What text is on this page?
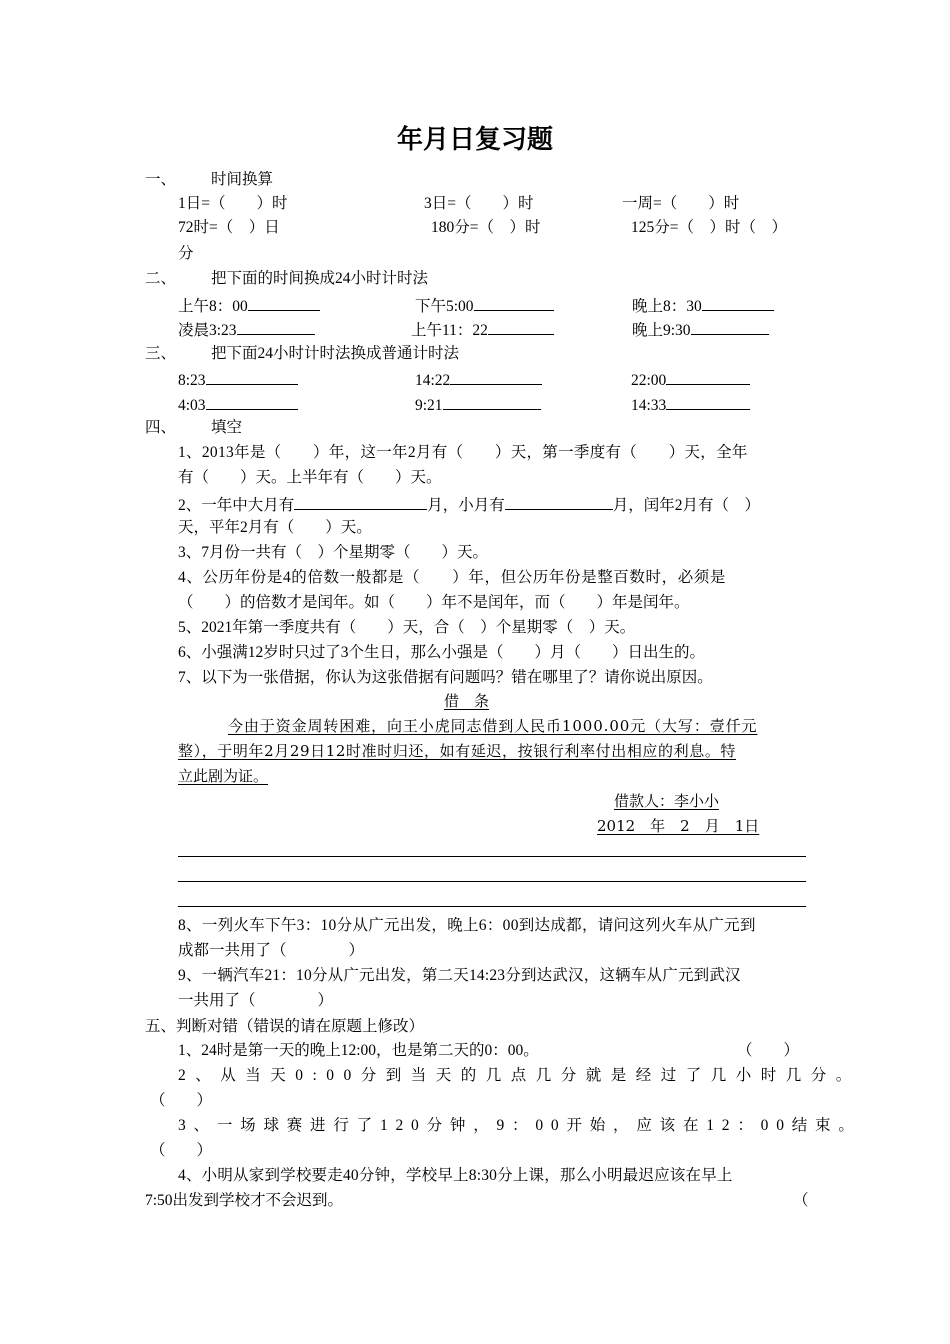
年月日复习题
一、 时间换算
1日=（　　）时	3日=（　　）时	一周=（　　）时
72时=（　）日	180分=（　）时	125分=（　）时（　）
分
二、 把下面的时间换成24小时计时法
上午8：00	下午5:00	晚上8：30
凌晨3:23	上午11：22	晚上9:30
三、 把下面24小时计时法换成普通计时法
8:23	14:22	22:00
4:03	9:21	14:33
四、 填空
1、2013年是（　　）年，这一年2月有（　　）天，第一季度有（　　）天，全年
有（　　）天。上半年有（　　）天。
2、一年中大月有	月，小月有	月，闰年2月有（　）
天，平年2月有（　　）天。
3、7月份一共有（　）个星期零（　　）天。
4、公历年份是4的倍数一般都是（　　）年，但公历年份是整百数时，必须是
（　　）的倍数才是闰年。如（　　）年不是闰年，而（　　）年是闰年。
5、2021年第一季度共有（　　）天，合（　）个星期零（　）天。
6、小强满12岁时只过了3个生日，那么小强是（　　）月（　　）日出生的。
7、以下为一张借据，你认为这张借据有问题吗？错在哪里了？请你说出原因。
借　条
今由于资金周转困难，向王小虎同志借到人民币1000.00元（大写：壹仟元
整），于明年2月29日12时准时归还，如有延迟，按银行利率付出相应的利息。特
立此剧为证。
借款人：李小小
2012　年　2　月　1日
8、一列火车下午3：10分从广元出发，晚上6：00到达成都，请问这列火车从广元到
成都一共用了（　　　　）
9、一辆汽车21：10分从广元出发，第二天14:23分到达武汉，这辆车从广元到武汉
一共用了（　　　　）
五、判断对错（错误的请在原题上修改）
1、24时是第一天的晚上12:00，也是第二天的0：00。	（　　）
2、从当天0:00分到当天的几点几分就是经过了几小时几分。
（　　）
3、一场球赛进行了120分钟，9：00开始，应该在12：00结束。
（　　）
4、小明从家到学校要走40分钟，学校早上8:30分上课，那么小明最迟应该在早上
7:50出发到学校才不会迟到。	（
